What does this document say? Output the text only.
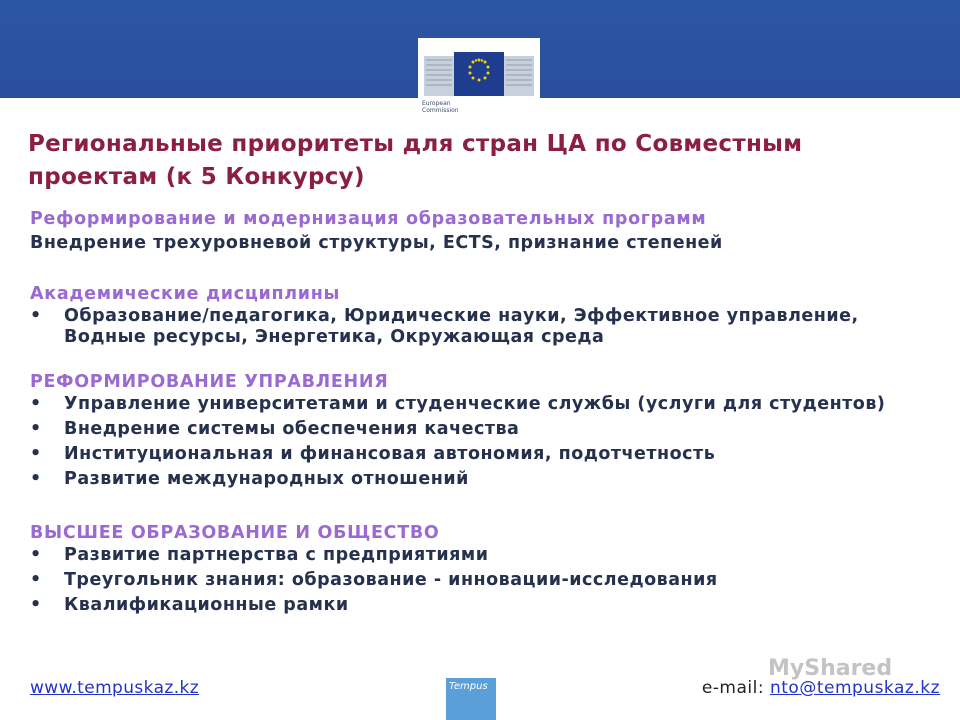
European
Commission
Региональные приоритеты для стран ЦА по Совместным
проектам (к 5 Конкурсу)

Реформирование и модернизация образовательных программ

Внедрение трехуровневой структуры, ECTS, признание степеней

Академические дисциплины

• Образование/педагогика, Юридические науки, Эффективное управление, Водные ресурсы, Энергетика, Окружающая среда

РЕФОРМИРОВАНИЕ УПРАВЛЕНИЯ

• Управление университетами и студенческие службы (услуги для студентов)
• Внедрение системы обеспечения качества
• Институциональная и финансовая автономия, подотчетность
• Развитие международных отношений

ВЫСШЕЕ ОБРАЗОВАНИЕ И ОБЩЕСТВО

• Развитие партнерства с предприятиями
• Треугольник знания: образование - инновации-исследования
• Квалификационные рамки
MyShared
www.tempuskaz.kz	Tempus	e-mail: nto@tempuskaz.kz
